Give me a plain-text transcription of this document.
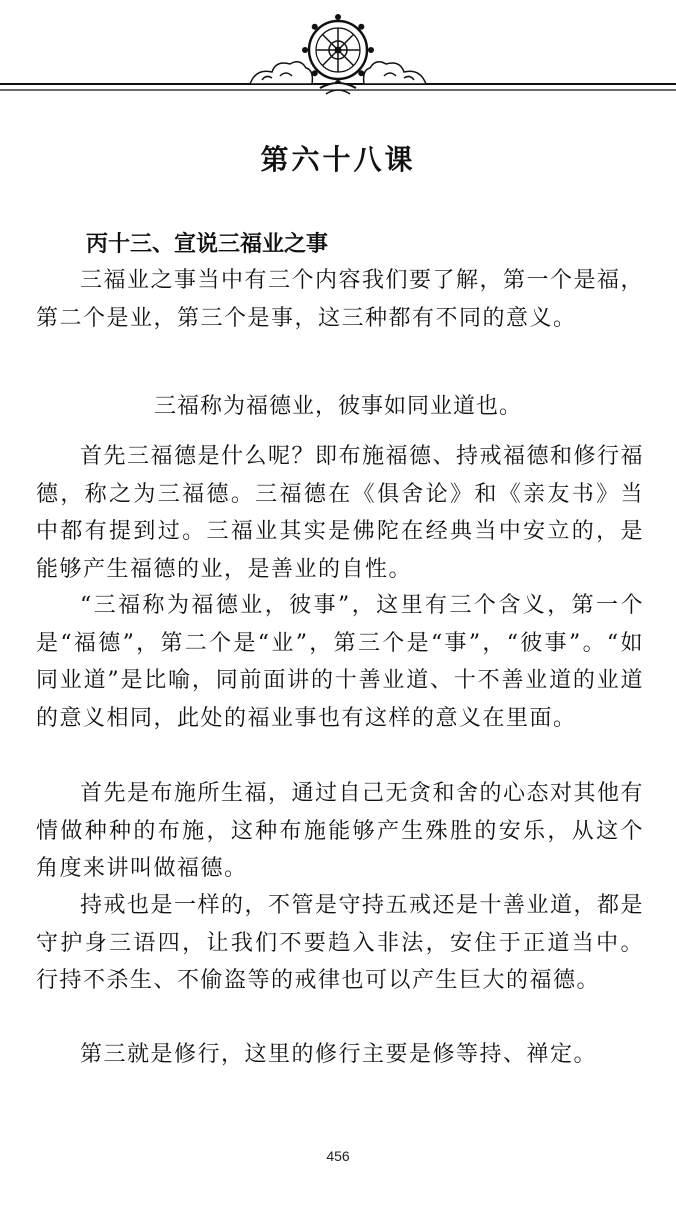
第六十八课
丙十三、宣说三福业之事

三福业之事当中有三个内容我们要了解，第一个是福，第二个是业，第三个是事，这三种都有不同的意义。

三福称为福德业，彼事如同业道也。

首先三福德是什么呢？即布施福德、持戒福德和修行福德，称之为三福德。三福德在《俱舍论》和《亲友书》当中都有提到过。三福业其实是佛陀在经典当中安立的，是能够产生福德的业，是善业的自性。

“三福称为福德业，彼事”，这里有三个含义，第一个是“福德”，第二个是“业”，第三个是“事”，“彼事”。“如同业道”是比喻，同前面讲的十善业道、十不善业道的业道的意义相同，此处的福业事也有这样的意义在里面。

首先是布施所生福，通过自己无贪和舍的心态对其他有情做种种的布施，这种布施能够产生殊胜的安乐，从这个角度来讲叫做福德。

持戒也是一样的，不管是守持五戒还是十善业道，都是守护身三语四，让我们不要趋入非法，安住于正道当中。行持不杀生、不偷盗等的戒律也可以产生巨大的福德。

第三就是修行，这里的修行主要是修等持、禅定。

456
